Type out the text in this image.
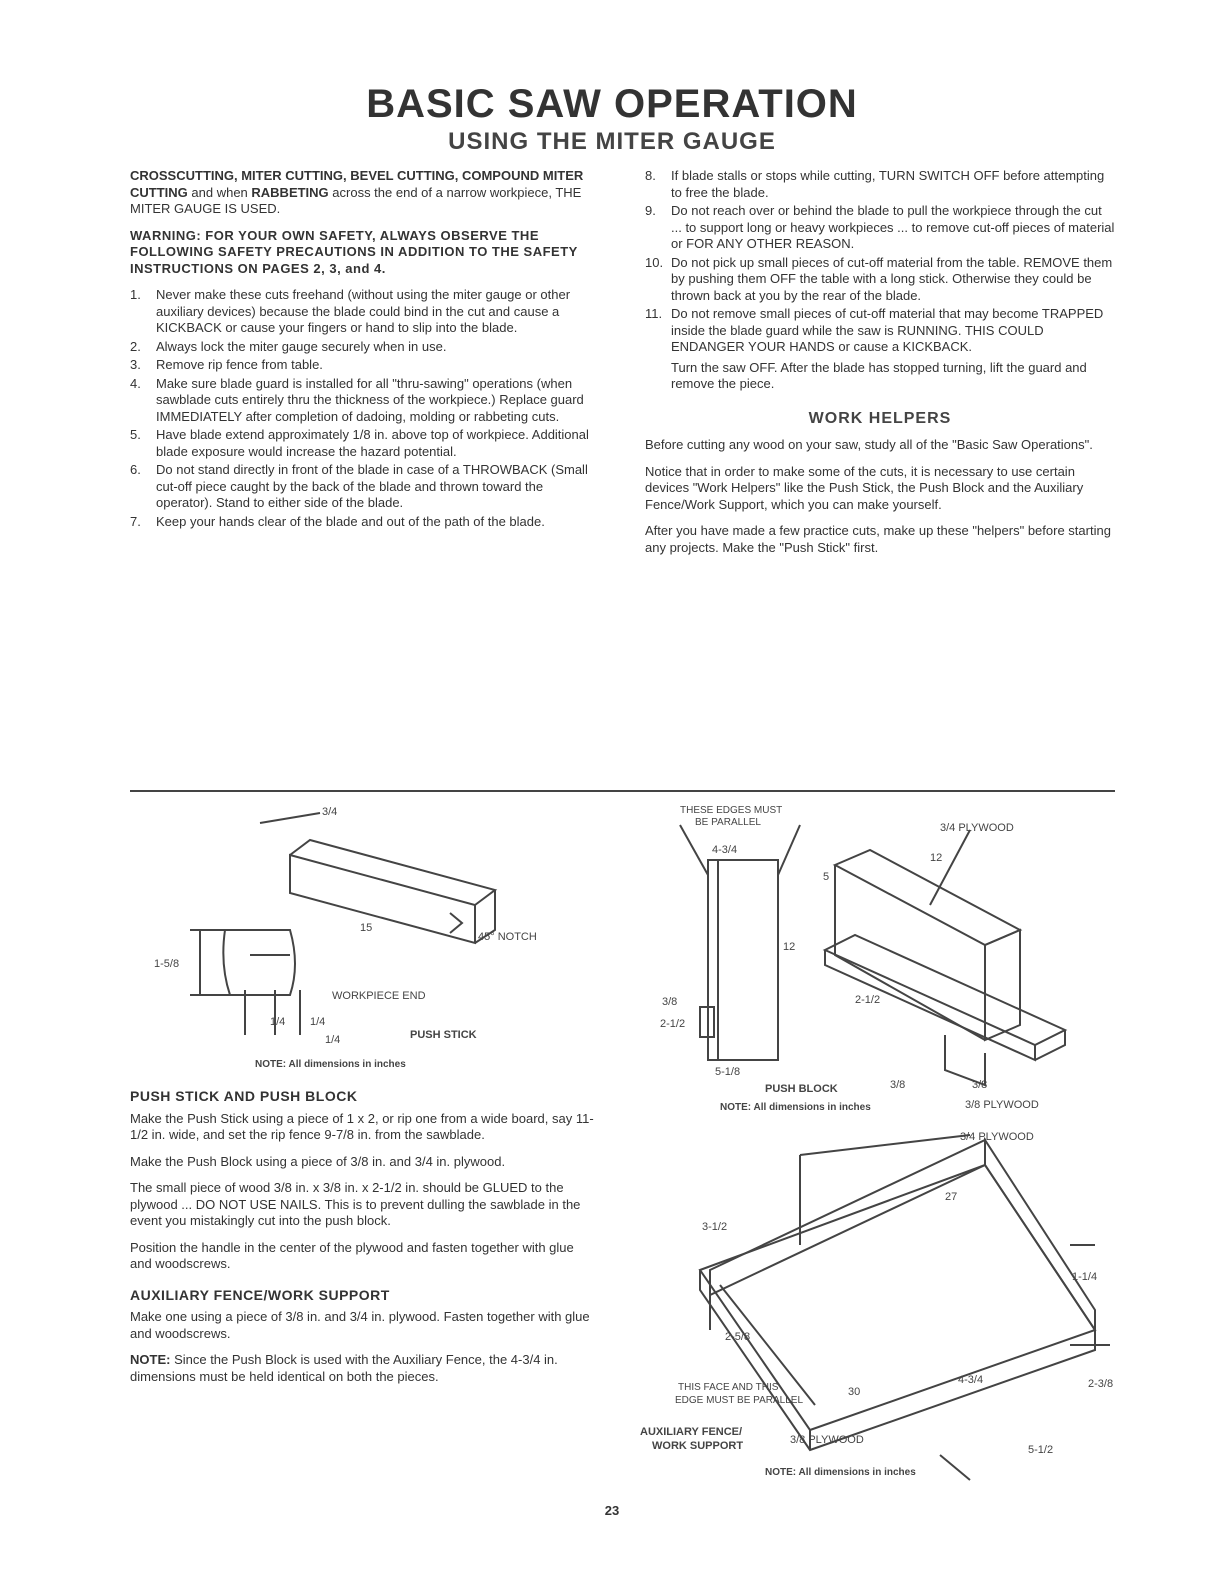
BASIC SAW OPERATION
USING THE MITER GAUGE

CROSSCUTTING, MITER CUTTING, BEVEL CUTTING, COMPOUND MITER CUTTING and when RABBETING across the end of a narrow workpiece, THE MITER GAUGE IS USED.

WARNING: FOR YOUR OWN SAFETY, ALWAYS OBSERVE THE FOLLOWING SAFETY PRECAUTIONS IN ADDITION TO THE SAFETY INSTRUCTIONS ON PAGES 2, 3, and 4.

1. Never make these cuts freehand (without using the miter gauge or other auxiliary devices) because the blade could bind in the cut and cause a KICKBACK or cause your fingers or hand to slip into the blade.
2. Always lock the miter gauge securely when in use.
3. Remove rip fence from table.
4. Make sure blade guard is installed for all "thru-sawing" operations (when sawblade cuts entirely thru the thickness of the workpiece.) Replace guard IMMEDIATELY after completion of dadoing, molding or rabbeting cuts.
5. Have blade extend approximately 1/8 in. above top of workpiece. Additional blade exposure would increase the hazard potential.
6. Do not stand directly in front of the blade in case of a THROWBACK (Small cut-off piece caught by the back of the blade and thrown toward the operator). Stand to either side of the blade.
7. Keep your hands clear of the blade and out of the path of the blade.
8. If blade stalls or stops while cutting, TURN SWITCH OFF before attempting to free the blade.
9. Do not reach over or behind the blade to pull the workpiece through the cut ... to support long or heavy workpieces ... to remove cut-off pieces of material or FOR ANY OTHER REASON.
10. Do not pick up small pieces of cut-off material from the table. REMOVE them by pushing them OFF the table with a long stick. Otherwise they could be thrown back at you by the rear of the blade.
11. Do not remove small pieces of cut-off material that may become TRAPPED inside the blade guard while the saw is RUNNING. THIS COULD ENDANGER YOUR HANDS or cause a KICKBACK.
Turn the saw OFF. After the blade has stopped turning, lift the guard and remove the piece.
WORK HELPERS

Before cutting any wood on your saw, study all of the "Basic Saw Operations".

Notice that in order to make some of the cuts, it is necessary to use certain devices "Work Helpers" like the Push Stick, the Push Block and the Auxiliary Fence/Work Support, which you can make yourself.

After you have made a few practice cuts, make up these "helpers" before starting any projects. Make the "Push Stick" first.

3/4
15
45° NOTCH
1-5/8
WORKPIECE END
1/4 1/4
1/4	PUSH STICK
NOTE: All dimensions in inches
THESE EDGES MUST
BE PARALLEL	3/4 PLYWOOD
12
4-3/4
5
12
3/8
2-1/2
2-1/2
5-1/8
3/8	3/8
PUSH BLOCK
3/8 PLYWOOD
NOTE: All dimensions in inches
3/4 PLYWOOD
3-1/2
27
1-1/4
2-5/8
THIS FACE AND THIS
EDGE MUST BE PARALLEL
30
4-3/4	2-3/8
AUXILIARY FENCE/
WORK SUPPORT	3/8 PLYWOOD
5-1/2
NOTE: All dimensions in inches
PUSH STICK AND PUSH BLOCK

Make the Push Stick using a piece of 1 x 2, or rip one from a wide board, say 11-1/2 in. wide, and set the rip fence 9-7/8 in. from the sawblade.

Make the Push Block using a piece of 3/8 in. and 3/4 in. plywood.

The small piece of wood 3/8 in. x 3/8 in. x 2-1/2 in. should be GLUED to the plywood ... DO NOT USE NAILS. This is to prevent dulling the sawblade in the event you mistakingly cut into the push block.

Position the handle in the center of the plywood and fasten together with glue and woodscrews.

AUXILIARY FENCE/WORK SUPPORT

Make one using a piece of 3/8 in. and 3/4 in. plywood. Fasten together with glue and woodscrews.

NOTE: Since the Push Block is used with the Auxiliary Fence, the 4-3/4 in. dimensions must be held identical on both the pieces.

23
